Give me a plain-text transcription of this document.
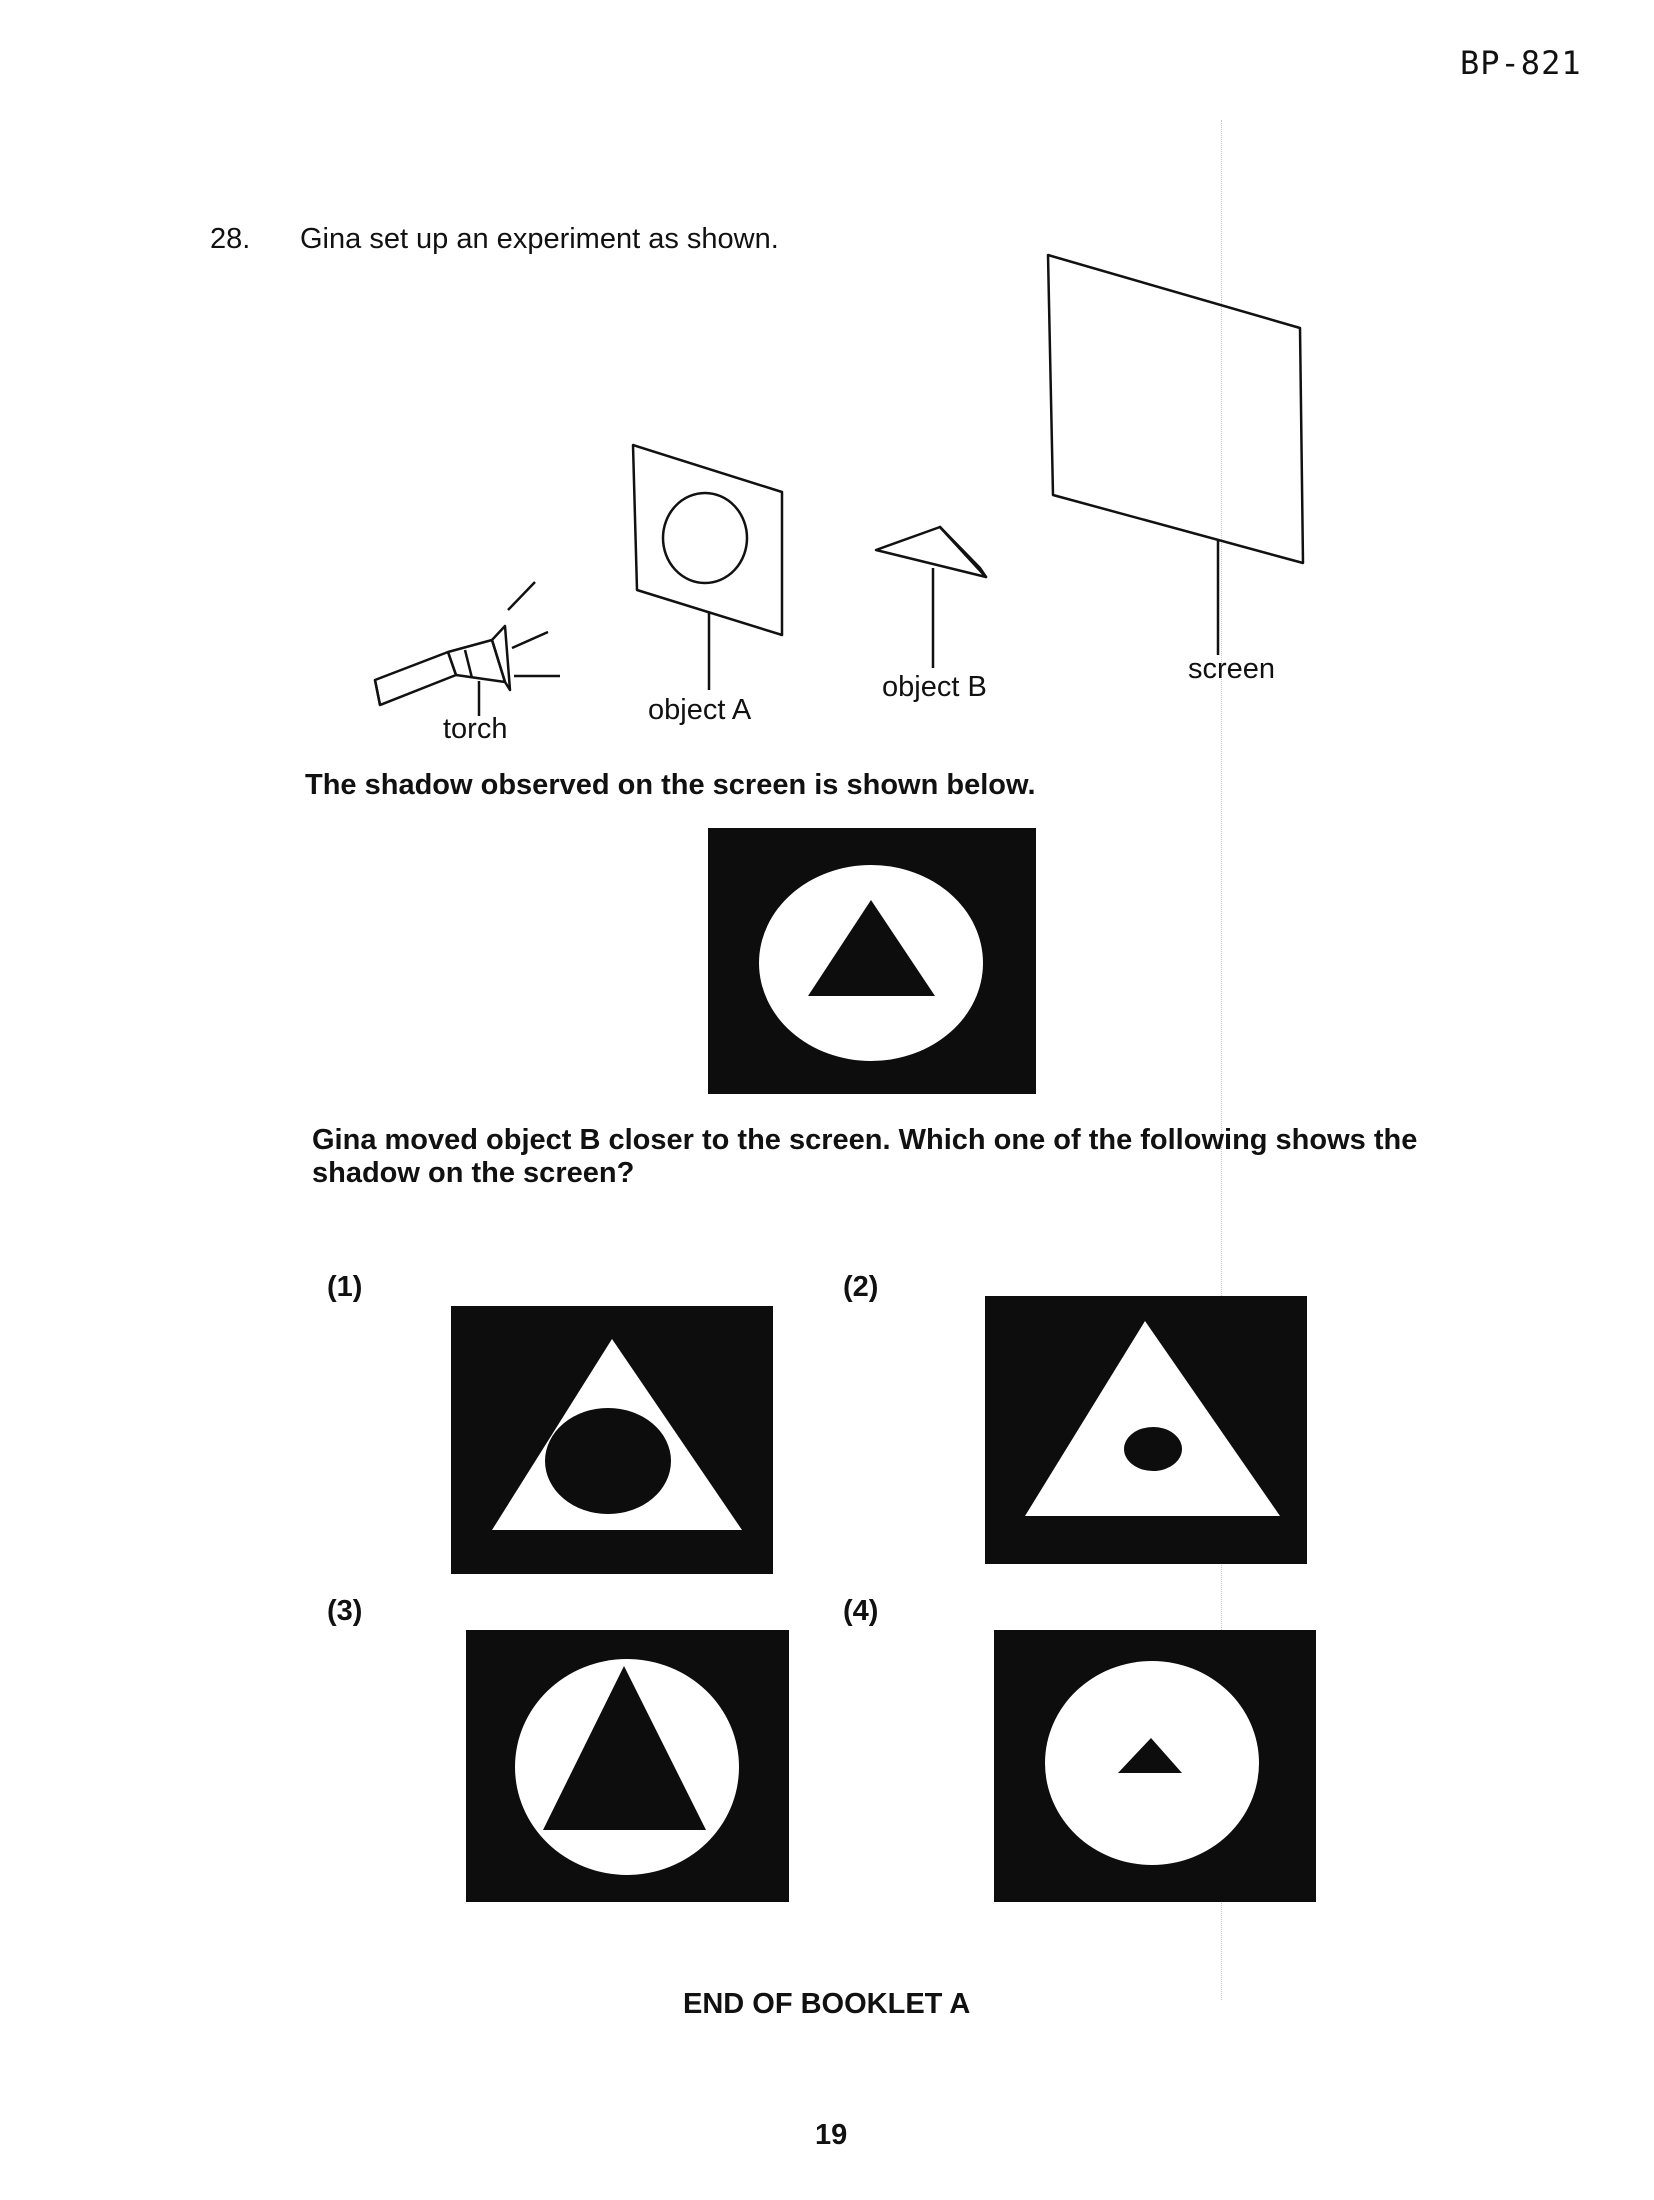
BP-821
28. Gina set up an experiment as shown.
torch
object A
object B
screen
The shadow observed on the screen is shown below.
Gina moved object B closer to the screen. Which one of the following shows the shadow on the screen?
(1)	(2)
(3)	(4)
END OF BOOKLET A
19
